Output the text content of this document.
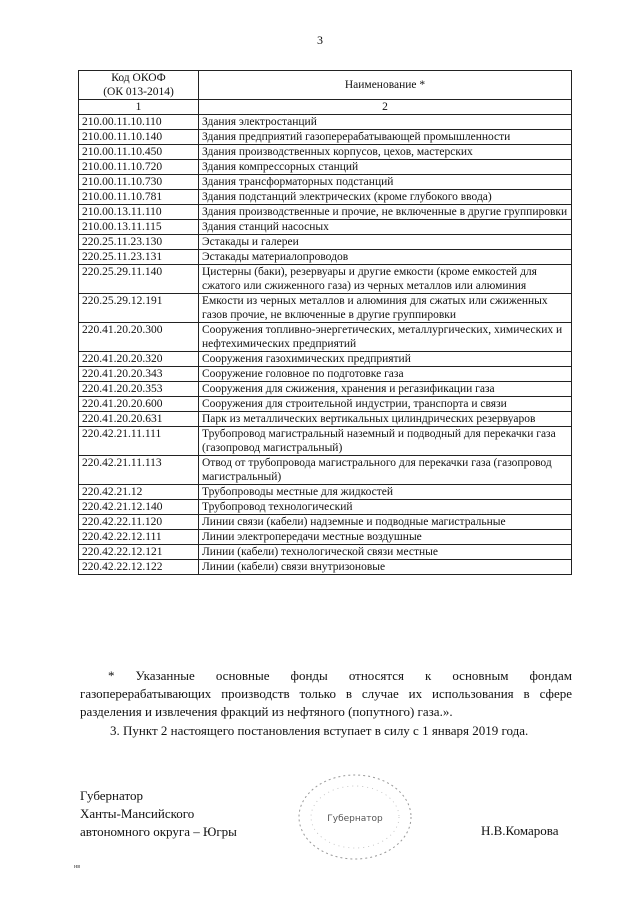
3
Код ОКОФ
(ОК 013-2014)	Наименование *
1	2
210.00.11.10.110	Здания электростанций
210.00.11.10.140	Здания предприятий газоперерабатывающей промышленности
210.00.11.10.450	Здания производственных корпусов, цехов, мастерских
210.00.11.10.720	Здания компрессорных станций
210.00.11.10.730	Здания трансформаторных подстанций
210.00.11.10.781	Здания подстанций электрических (кроме глубокого ввода)
210.00.13.11.110	Здания производственные и прочие, не включенные в другие группировки
210.00.13.11.115	Здания станций насосных
220.25.11.23.130	Эстакады и галереи
220.25.11.23.131	Эстакады материалопроводов
220.25.29.11.140	Цистерны (баки), резервуары и другие емкости (кроме емкостей для сжатого или сжиженного газа) из черных металлов или алюминия
220.25.29.12.191	Емкости из черных металлов и алюминия для сжатых или сжиженных газов прочие, не включенные в другие группировки
220.41.20.20.300	Сооружения топливно-энергетических, металлургических, химических и нефтехимических предприятий
220.41.20.20.320	Сооружения газохимических предприятий
220.41.20.20.343	Сооружение головное по подготовке газа
220.41.20.20.353	Сооружения для сжижения, хранения и регазификации газа
220.41.20.20.600	Сооружения для строительной индустрии, транспорта и связи
220.41.20.20.631	Парк из металлических вертикальных цилиндрических резервуаров
220.42.21.11.111	Трубопровод магистральный наземный и подводный для перекачки газа (газопровод магистральный)
220.42.21.11.113	Отвод от трубопровода магистрального для перекачки газа (газопровод магистральный)
220.42.21.12	Трубопроводы местные для жидкостей
220.42.21.12.140	Трубопровод технологический
220.42.22.11.120	Линии связи (кабели) надземные и подводные магистральные
220.42.22.12.111	Линии электропередачи местные воздушные
220.42.22.12.121	Линии (кабели) технологической связи местные
220.42.22.12.122	Линии (кабели) связи внутризоновые
* Указанные основные фонды относятся к основным фондам газоперерабатывающих производств только в случае их использования в сфере разделения и извлечения фракций из нефтяного (попутного) газа.».
3. Пункт 2 настоящего постановления вступает в силу с 1 января 2019 года.
Губернатор
Ханты-Мансийского
автономного округа – Югры
Губернатор
Н.В.Комарова
нв
